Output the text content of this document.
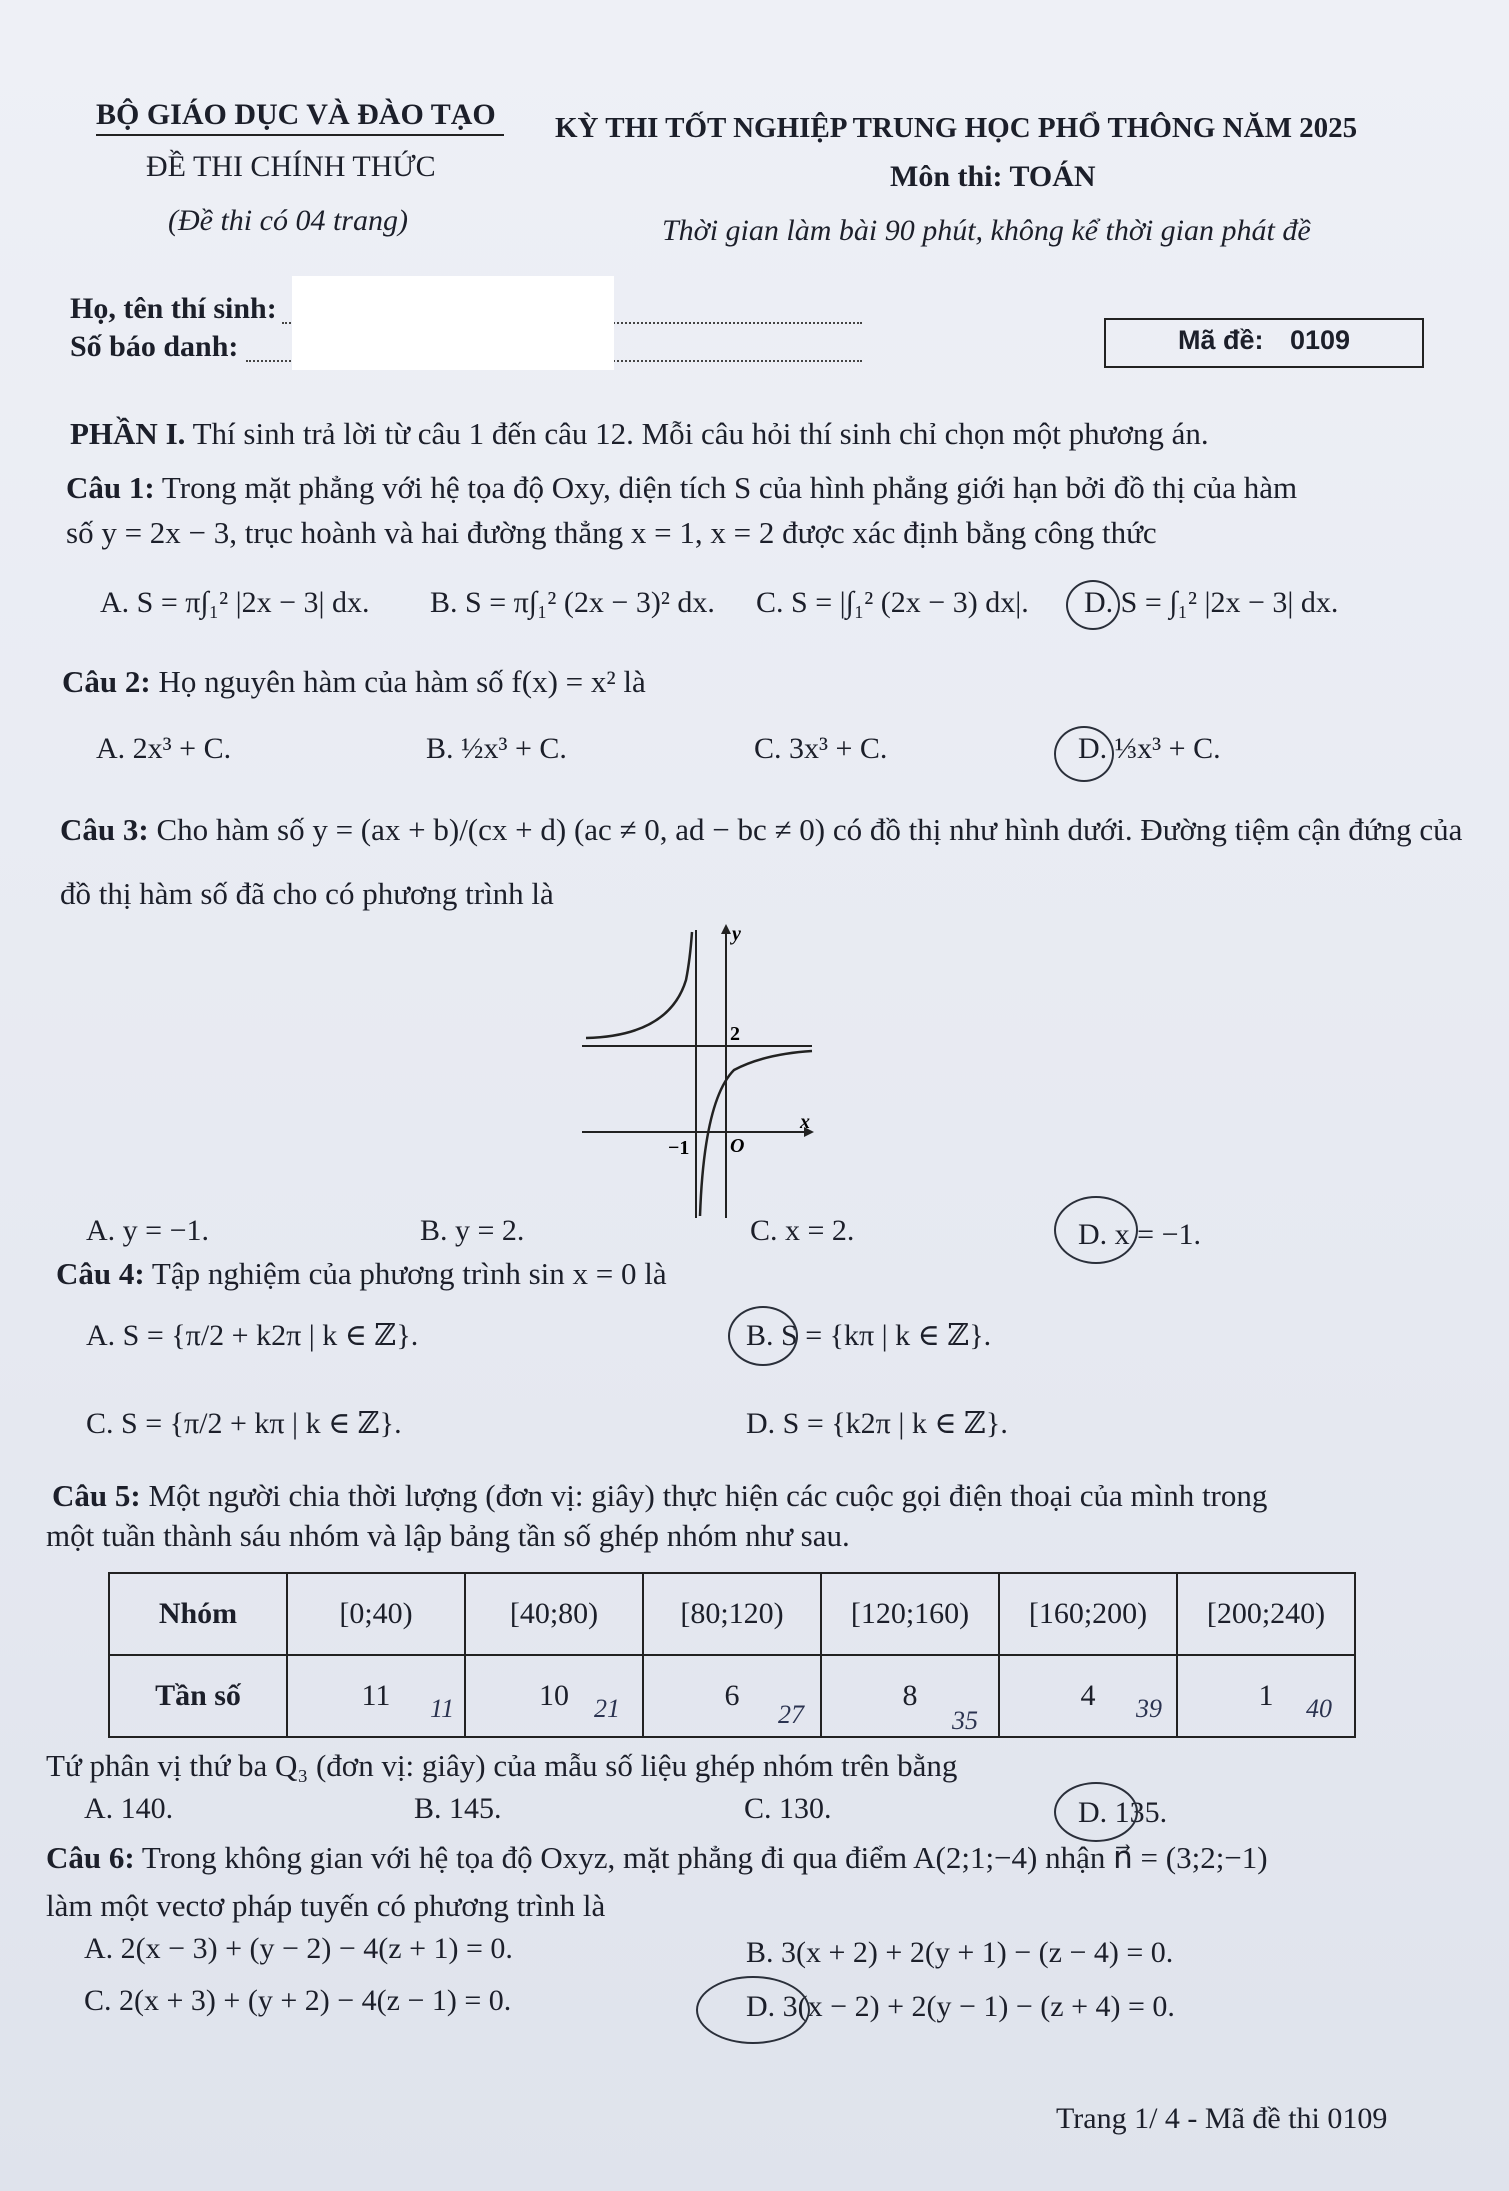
BỘ GIÁO DỤC VÀ ĐÀO TẠO KỲ THI TỐT NGHIỆP TRUNG HỌC PHỔ THÔNG NĂM 2025
ĐỀ THI CHÍNH THỨC	Môn thi: TOÁN
(Đề thi có 04 trang)	Thời gian làm bài 90 phút, không kể thời gian phát đề
Họ, tên thí sinh:
Số báo danh:	Mã đề: 0109
PHẦN I. Thí sinh trả lời từ câu 1 đến câu 12. Mỗi câu hỏi thí sinh chỉ chọn một phương án.
Câu 1: Trong mặt phẳng với hệ tọa độ Oxy, diện tích S của hình phẳng giới hạn bởi đồ thị của hàm
số y = 2x − 3, trục hoành và hai đường thẳng x = 1, x = 2 được xác định bằng công thức
A. S = π∫₁² |2x − 3| dx. B. S = π∫₁² (2x − 3)² dx. C. S = |∫₁² (2x − 3) dx|. D. S = ∫₁² |2x − 3| dx.
Câu 2: Họ nguyên hàm của hàm số f(x) = x² là
A. 2x³ + C.	B. ½x³ + C.	C. 3x³ + C.	D. ⅓x³ + C.
Câu 3: Cho hàm số y = (ax + b)/(cx + d) (ac ≠ 0, ad − bc ≠ 0) có đồ thị như hình dưới. Đường tiệm cận đứng của
đồ thị hàm số đã cho có phương trình là
y
x
2
−1 O
A. y = −1.	B. y = 2.	C. x = 2.	D. x = −1.
Câu 4: Tập nghiệm của phương trình sin x = 0 là
A. S = {π/2 + k2π | k ∈ ℤ}.	B. S = {kπ | k ∈ ℤ}.
C. S = {π/2 + kπ | k ∈ ℤ}.	D. S = {k2π | k ∈ ℤ}.
Câu 5: Một người chia thời lượng (đơn vị: giây) thực hiện các cuộc gọi điện thoại của mình trong
một tuần thành sáu nhóm và lập bảng tần số ghép nhóm như sau.
Nhóm	[0;40)	[40;80)	[80;120)	[120;160)	[160;200)	[200;240)
Tần số	11	10	6	8	4	1
11	21	27	35	39	40
Tứ phân vị thứ ba Q₃ (đơn vị: giây) của mẫu số liệu ghép nhóm trên bằng
A. 140.	B. 145.	C. 130.	D. 135.
Câu 6: Trong không gian với hệ tọa độ Oxyz, mặt phẳng đi qua điểm A(2;1;−4) nhận n⃗ = (3;2;−1)
làm một vectơ pháp tuyến có phương trình là
A. 2(x − 3) + (y − 2) − 4(z + 1) = 0.	B. 3(x + 2) + 2(y + 1) − (z − 4) = 0.
C. 2(x + 3) + (y + 2) − 4(z − 1) = 0.	D. 3(x − 2) + 2(y − 1) − (z + 4) = 0.
Trang 1/ 4 - Mã đề thi 0109
